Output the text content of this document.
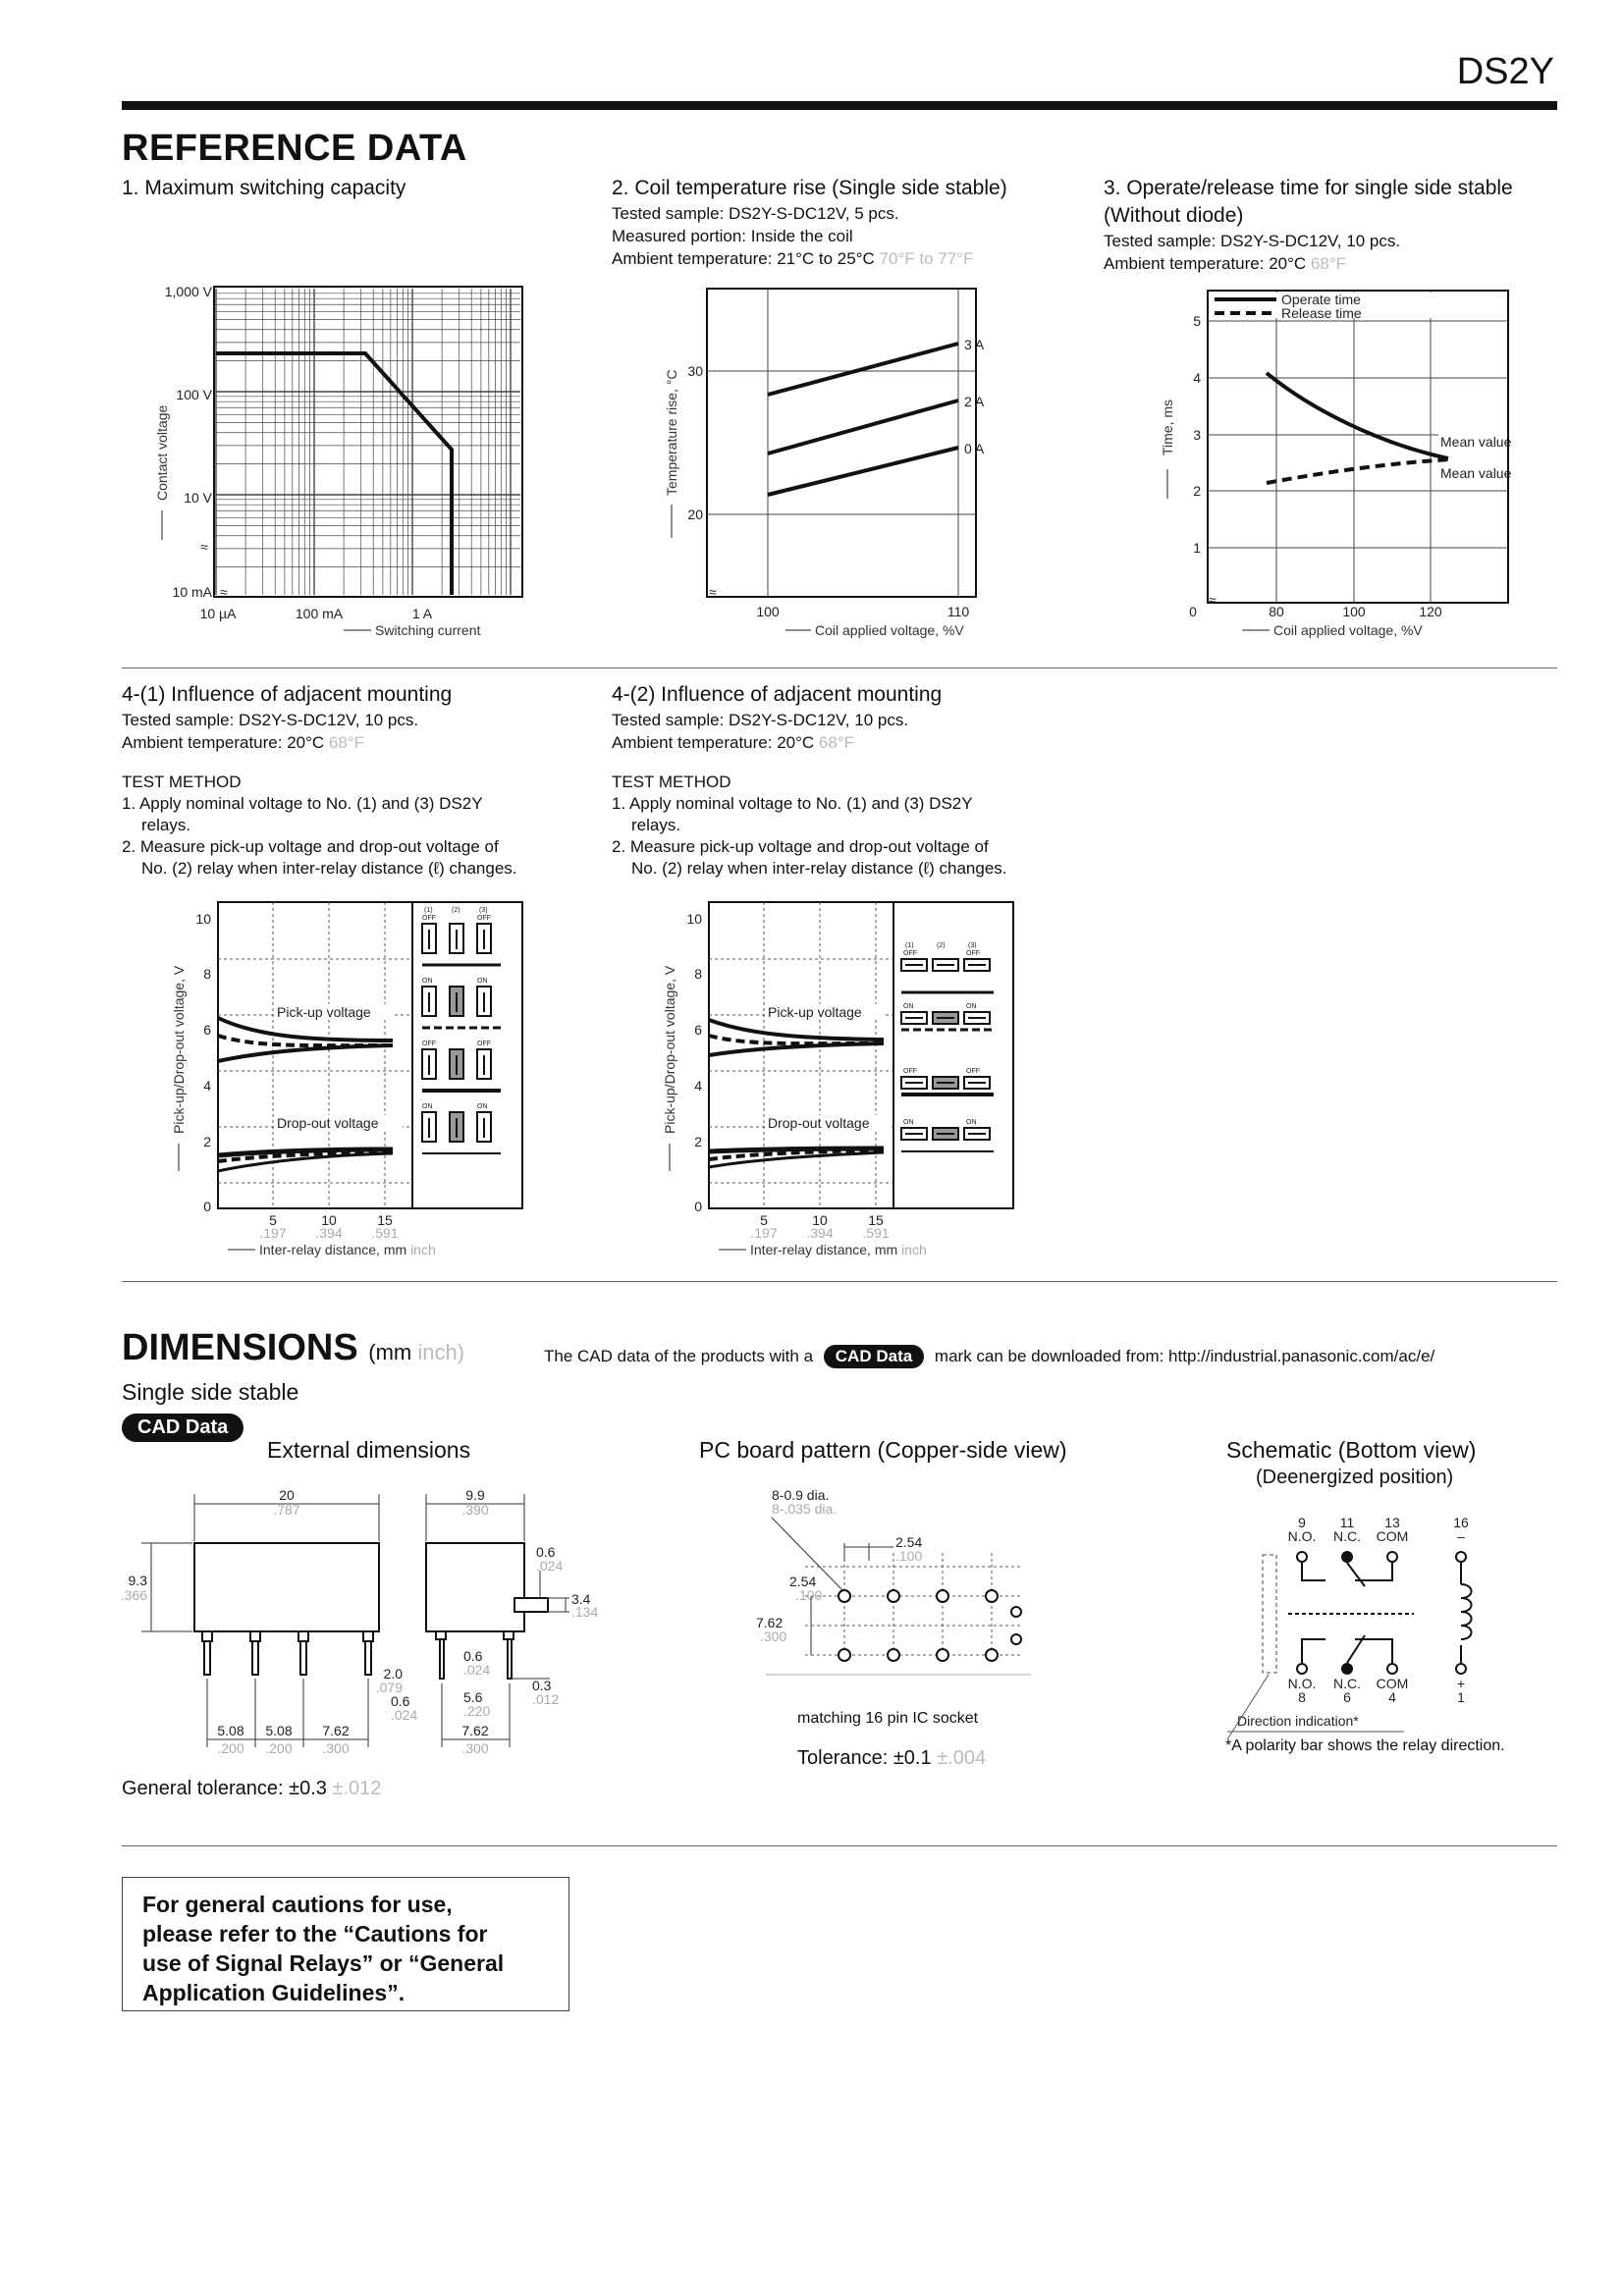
DS2Y
REFERENCE DATA
1. Maximum switching capacity	2. Coil temperature rise (Single side stable)
Tested sample: DS2Y-S-DC12V, 5 pcs.
Measured portion: Inside the coil
Ambient temperature: 21°C to 25°C 70°F to 77°F
3. Operate/release time for single side stable
(Without diode)
Tested sample: DS2Y-S-DC12V, 10 pcs.
Ambient temperature: 20°C 68°F
1,000 V
100 V
10 V
10 mA
≈
≈
10 µA	100 mA	1 A
Switching current
Contact voltage
3 A
2 A
0 A
30
20
≈
100	110
Coil applied voltage, %V
Temperature rise, °C
Operate time
Release time
Mean value
Mean value
5
4
3
2
1
0	80	100	120
≈
Coil applied voltage, %V
Time, ms
4-(1) Influence of adjacent mounting
Tested sample: DS2Y-S-DC12V, 10 pcs.
Ambient temperature: 20°C 68°F
TEST METHOD
1. Apply nominal voltage to No. (1) and (3) DS2Y
relays.
2. Measure pick-up voltage and drop-out voltage of
No. (2) relay when inter-relay distance (ℓ) changes.
4-(2) Influence of adjacent mounting
Tested sample: DS2Y-S-DC12V, 10 pcs.
Ambient temperature: 20°C 68°F
TEST METHOD
1. Apply nominal voltage to No. (1) and (3) DS2Y
relays.
2. Measure pick-up voltage and drop-out voltage of
No. (2) relay when inter-relay distance (ℓ) changes.
Pick-up voltage
Drop-out voltage
10
8
6
4
2
0
5	10	15
.197 .394 .591
Inter-relay distance, mm inch
Pick-up/Drop-out voltage, V
(1)	(2)	(3)
OFF	OFF
ON	ON
OFF	OFF
ON	ON
Pick-up voltage
Drop-out voltage
10
8
6
4
2
0
5	10	15
.197 .394 .591
Inter-relay distance, mm inch
Pick-up/Drop-out voltage, V
(1)	(2)	(3)
OFF	OFF
ON	ON
OFF	OFF
ON	ON
DIMENSIONS (mm inch)	The CAD data of the products with a CAD Data mark can be downloaded from: http://industrial.panasonic.com/ac/e/
Single side stable
CAD Data
External dimensions	PC board pattern (Copper-side view)	Schematic (Bottom view)
(Deenergized position)
20
.787
9.3
.366
5.08
.200
5.08
.200
7.62
.300
9.9
.390
0.6
.024
3.4
.134
0.6
.024
2.0
.079
0.6
.024
5.6
.220
0.3
.012
7.62
.300
General tolerance: ±0.3 ±.012
8-0.9 dia.
8-.035 dia.
2.54
.100
2.54
.100
7.62
.300
matching 16 pin IC socket
Tolerance: ±0.1 ±.004
9 11 13	16
N.O. N.C. COM	–
N.O. N.C. COM	+
8	6	4	1
Direction indication*
*A polarity bar shows the relay direction.
For general cautions for use,
please refer to the “Cautions for
use of Signal Relays” or “General
Application Guidelines”.
